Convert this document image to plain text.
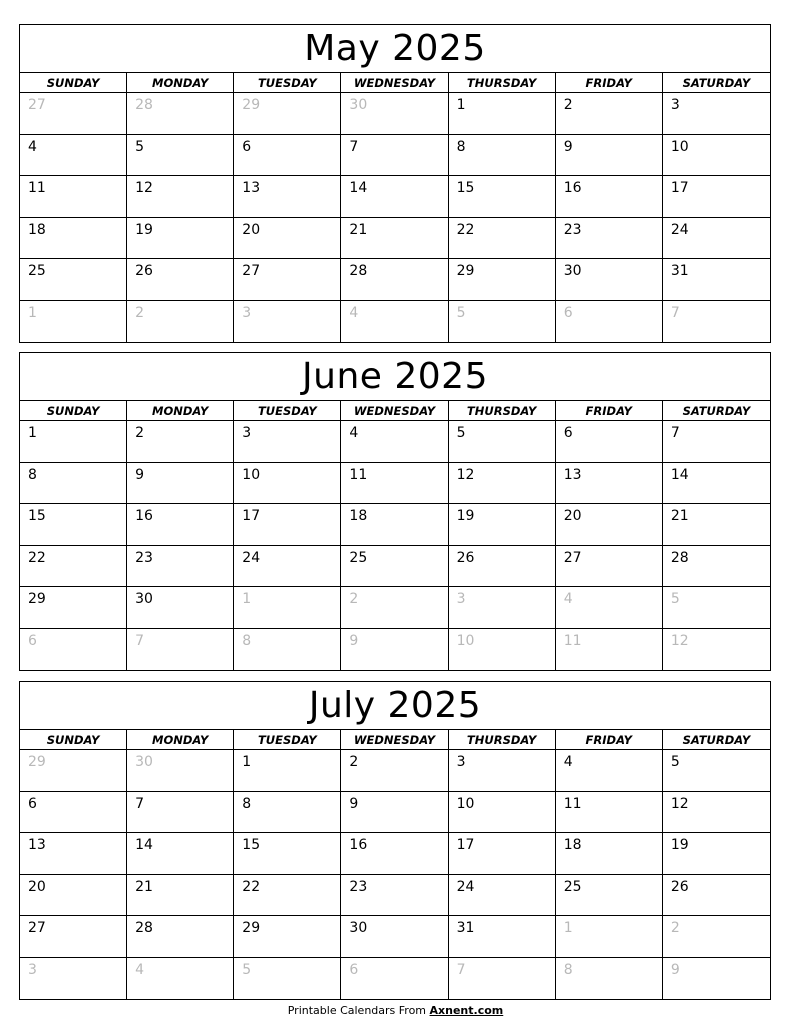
May 2025
SUNDAY	MONDAY	TUESDAY	WEDNESDAY	THURSDAY	FRIDAY	SATURDAY
27	28	29	30	1	2	3
4	5	6	7	8	9	10
11	12	13	14	15	16	17
18	19	20	21	22	23	24
25	26	27	28	29	30	31
1	2	3	4	5	6	7
June 2025
SUNDAY	MONDAY	TUESDAY	WEDNESDAY	THURSDAY	FRIDAY	SATURDAY
1	2	3	4	5	6	7
8	9	10	11	12	13	14
15	16	17	18	19	20	21
22	23	24	25	26	27	28
29	30	1	2	3	4	5
6	7	8	9	10	11	12
July 2025
SUNDAY	MONDAY	TUESDAY	WEDNESDAY	THURSDAY	FRIDAY	SATURDAY
29	30	1	2	3	4	5
6	7	8	9	10	11	12
13	14	15	16	17	18	19
20	21	22	23	24	25	26
27	28	29	30	31	1	2
3	4	5	6	7	8	9
Printable Calendars From Axnent.com
